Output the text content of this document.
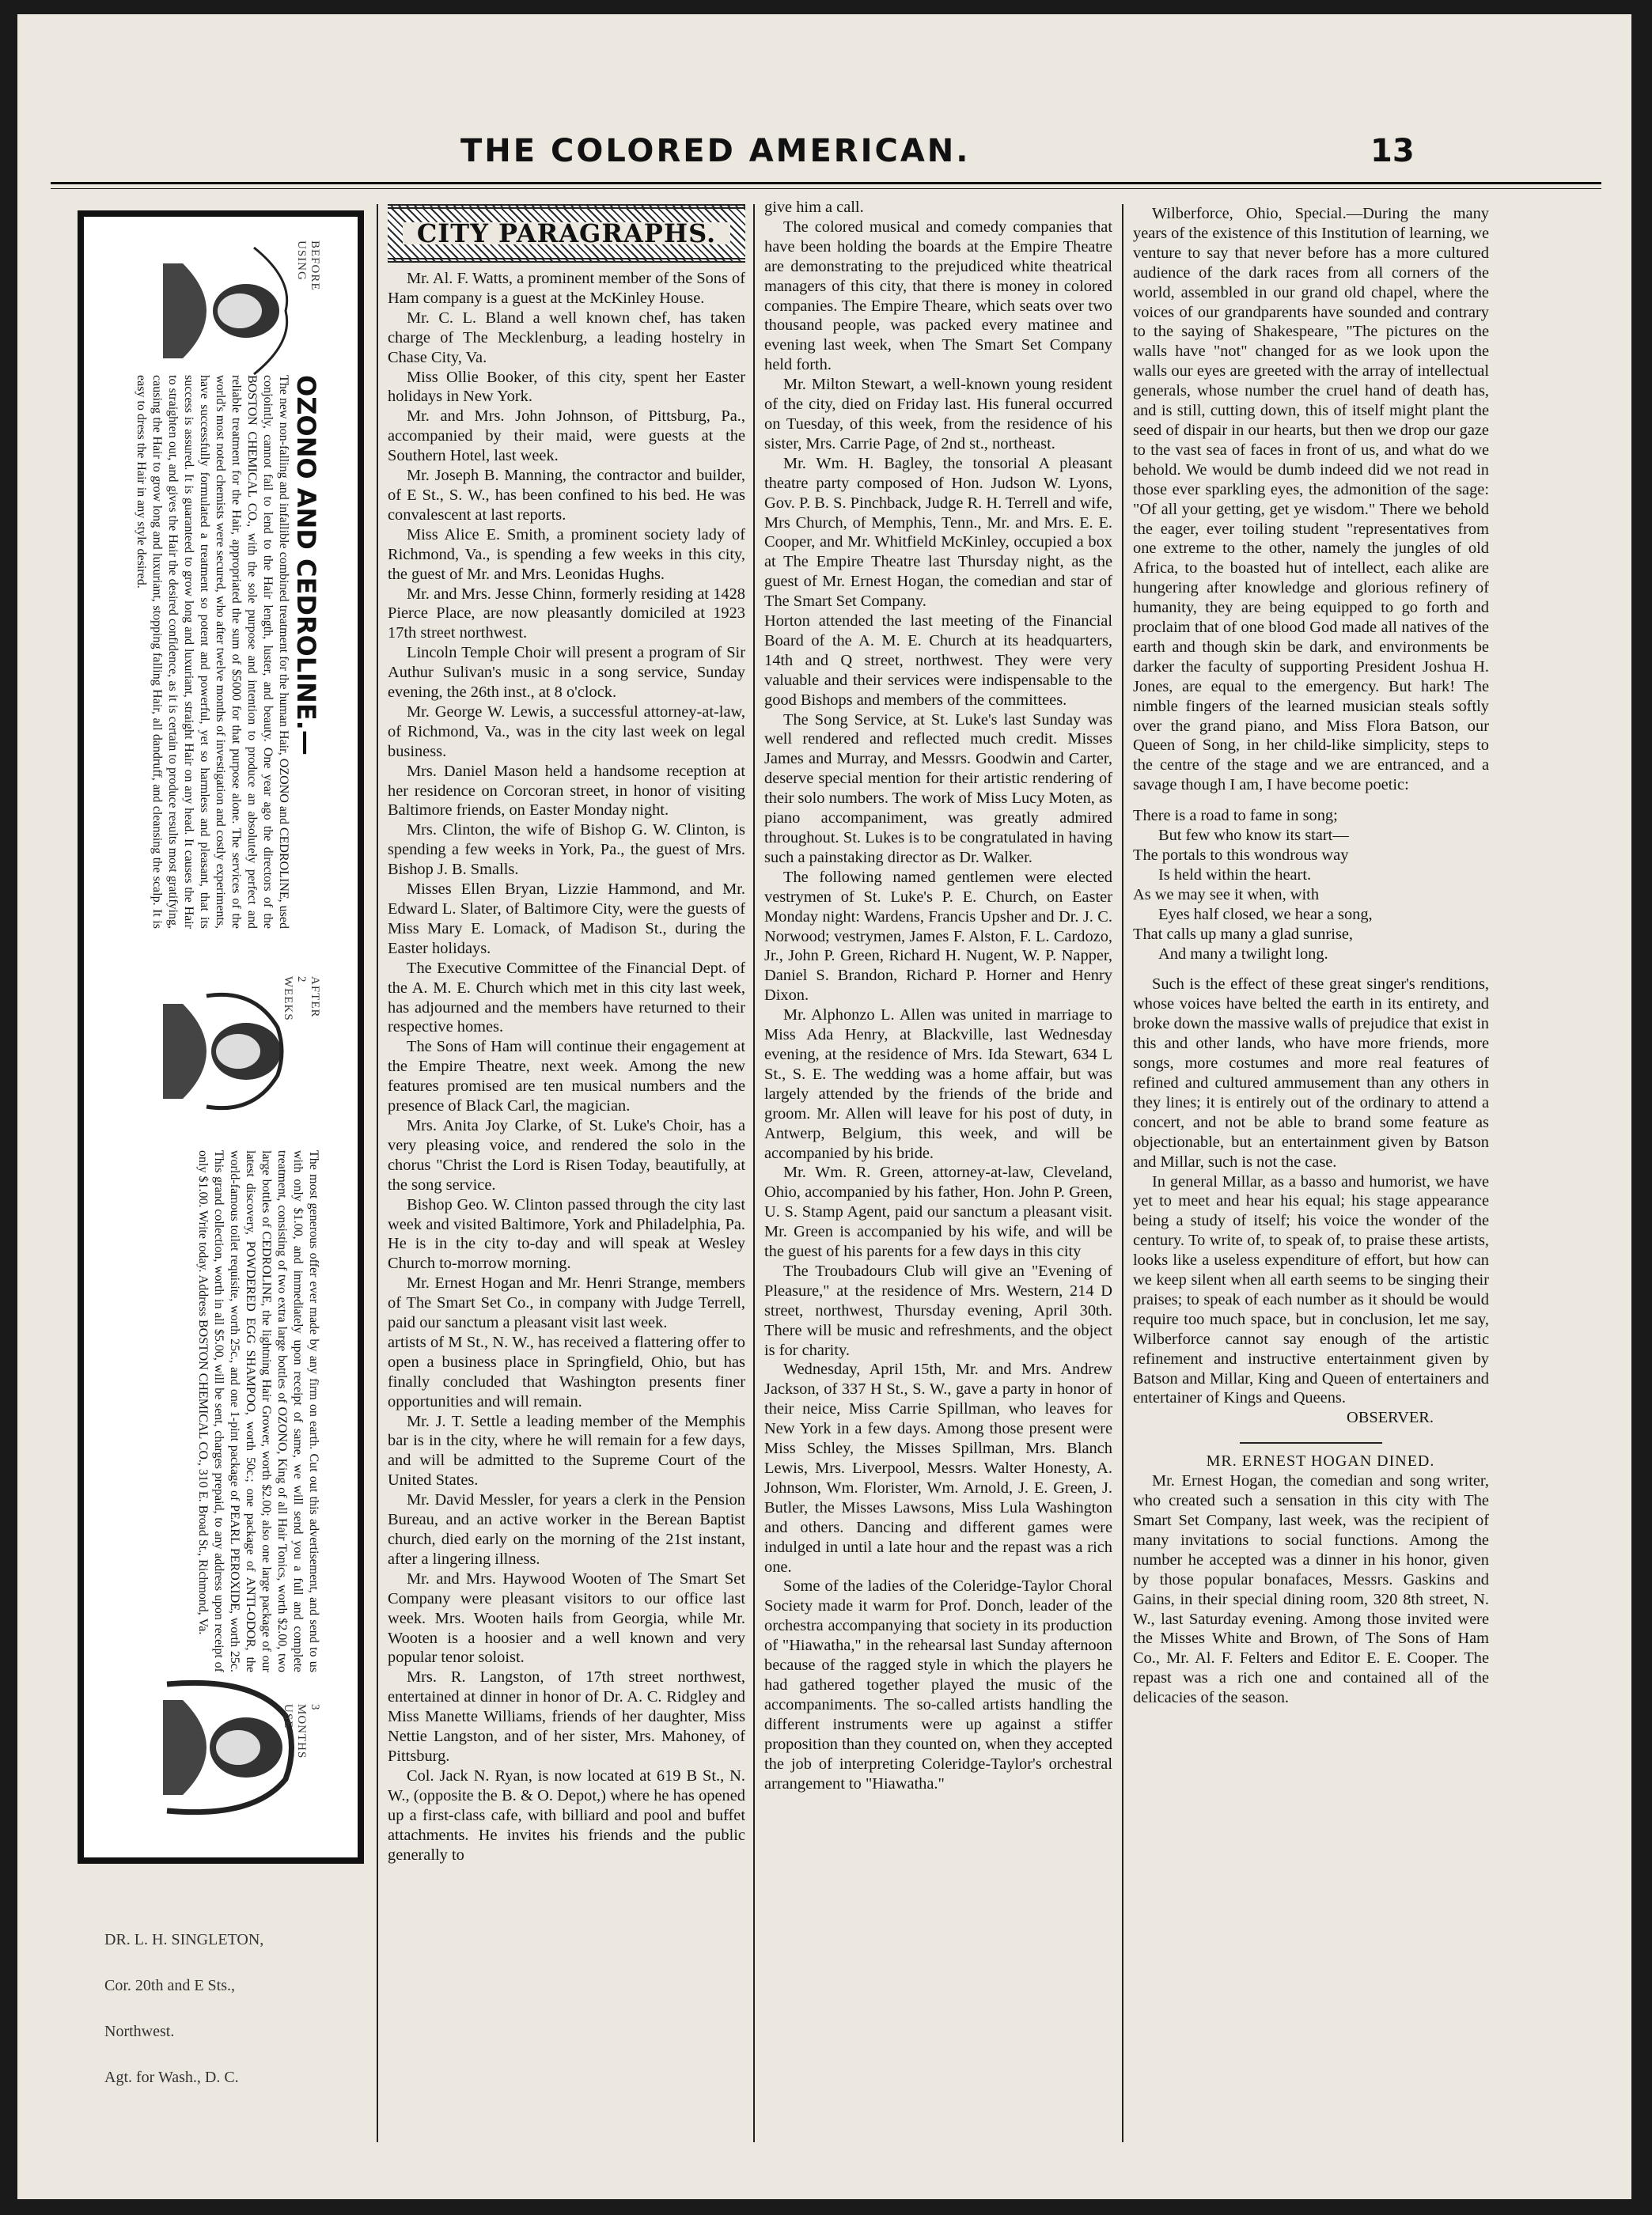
THE COLORED AMERICAN.	13
BEFORE USING
AFTER 2 WEEKS
3 MONTHS USE
OZONO AND CEDROLINE.—
The new non-falling and infallible combined treatment for the human Hair, OZONO and CEDROLINE, used conjointly, cannot fail to lend to the Hair length, luster, and beauty. One year ago the directors of the BOSTON CHEMICAL CO., with the sole purpose and intention to produce an absolutely perfect and reliable treatment for the Hair, appropriated the sum of $5000 for that purpose alone. The services of the world's most noted chemists were secured, who after twelve months of investigation and costly experiments, have successfully formulated a treatment so potent and powerful, yet so harmless and pleasant, that its success is assured. It is guaranteed to grow long and luxuriant, straight Hair on any head. It causes the Hair to straighten out, and gives the Hair the desired confidence, as it is certain to produce results most gratifying, causing the Hair to grow long and luxuriant, stopping falling Hair, all dandruff, and cleansing the scalp. It is easy to dress the Hair in any style desired.
The most generous offer ever made by any firm on earth. Cut out this advertisement, and send to us with only $1.00, and immediately upon receipt of same, we will send you a full and complete treatment, consisting of two extra large bottles of OZONO, King of all Hair Tonics, worth $2.00, two large bottles of CEDROLINE, the lightning Hair Grower, worth $2.00; also one large package of our latest discovery, POWDERED EGG SHAMPOO, worth 50c.; one package of ANTI-ODOR, the world-famous toilet requisite, worth 25c., and one 1-pint package of PEARL PEROXIDE, worth 25c. This grand collection, worth in all $5.00, will be sent, charges prepaid, to any address upon receipt of only $1.00. Write today. Address BOSTON CHEMICAL CO., 310 E. Broad St., Richmond, Va.
DR. L. H. SINGLETON,
Cor. 20th and E Sts.,
Northwest.
Agt. for Wash., D. C.
CITY PARAGRAPHS.

Mr. Al. F. Watts, a prominent member of the Sons of Ham company is a guest at the McKinley House.

Mr. C. L. Bland a well known chef, has taken charge of The Mecklenburg, a leading hostelry in Chase City, Va.

Miss Ollie Booker, of this city, spent her Easter holidays in New York.

Mr. and Mrs. John Johnson, of Pittsburg, Pa., accompanied by their maid, were guests at the Southern Hotel, last week.

Mr. Joseph B. Manning, the contractor and builder, of E St., S. W., has been confined to his bed. He was convalescent at last reports.

Miss Alice E. Smith, a prominent society lady of Richmond, Va., is spending a few weeks in this city, the guest of Mr. and Mrs. Leonidas Hughs.

Mr. and Mrs. Jesse Chinn, formerly residing at 1428 Pierce Place, are now pleasantly domiciled at 1923 17th street northwest.

Lincoln Temple Choir will present a program of Sir Authur Sulivan's music in a song service, Sunday evening, the 26th inst., at 8 o'clock.

Mr. George W. Lewis, a successful attorney-at-law, of Richmond, Va., was in the city last week on legal business.

Mrs. Daniel Mason held a handsome reception at her residence on Corcoran street, in honor of visiting Baltimore friends, on Easter Monday night.

Mrs. Clinton, the wife of Bishop G. W. Clinton, is spending a few weeks in York, Pa., the guest of Mrs. Bishop J. B. Smalls.

Misses Ellen Bryan, Lizzie Hammond, and Mr. Edward L. Slater, of Baltimore City, were the guests of Miss Mary E. Lomack, of Madison St., during the Easter holidays.

The Executive Committee of the Financial Dept. of the A. M. E. Church which met in this city last week, has adjourned and the members have returned to their respective homes.

The Sons of Ham will continue their engagement at the Empire Theatre, next week. Among the new features promised are ten musical numbers and the presence of Black Carl, the magician.

Mrs. Anita Joy Clarke, of St. Luke's Choir, has a very pleasing voice, and rendered the solo in the chorus "Christ the Lord is Risen Today, beautifully, at the song service.

Bishop Geo. W. Clinton passed through the city last week and visited Baltimore, York and Philadelphia, Pa. He is in the city to-day and will speak at Wesley Church to-morrow morning.

Mr. Ernest Hogan and Mr. Henri Strange, members of The Smart Set Co., in company with Judge Terrell, paid our sanctum a pleasant visit last week.

artists of M St., N. W., has received a flattering offer to open a business place in Springfield, Ohio, but has finally concluded that Washington presents finer opportunities and will remain.

Mr. J. T. Settle a leading member of the Memphis bar is in the city, where he will remain for a few days, and will be admitted to the Supreme Court of the United States.

Mr. David Messler, for years a clerk in the Pension Bureau, and an active worker in the Berean Baptist church, died early on the morning of the 21st instant, after a lingering illness.

Mr. and Mrs. Haywood Wooten of The Smart Set Company were pleasant visitors to our office last week. Mrs. Wooten hails from Georgia, while Mr. Wooten is a hoosier and a well known and very popular tenor soloist.

Mrs. R. Langston, of 17th street northwest, entertained at dinner in honor of Dr. A. C. Ridgley and Miss Manette Williams, friends of her daughter, Miss Nettie Langston, and of her sister, Mrs. Mahoney, of Pittsburg.

Col. Jack N. Ryan, is now located at 619 B St., N. W., (opposite the B. & O. Depot,) where he has opened up a first-class cafe, with billiard and pool and buffet attachments. He invites his friends and the public generally to

give him a call.

The colored musical and comedy companies that have been holding the boards at the Empire Theatre are demonstrating to the prejudiced white theatrical managers of this city, that there is money in colored companies. The Empire Theare, which seats over two thousand people, was packed every matinee and evening last week, when The Smart Set Company held forth.

Mr. Milton Stewart, a well-known young resident of the city, died on Friday last. His funeral occurred on Tuesday, of this week, from the residence of his sister, Mrs. Carrie Page, of 2nd st., northeast.

Mr. Wm. H. Bagley, the tonsorial A pleasant theatre party composed of Hon. Judson W. Lyons, Gov. P. B. S. Pinchback, Judge R. H. Terrell and wife, Mrs Church, of Memphis, Tenn., Mr. and Mrs. E. E. Cooper, and Mr. Whitfield McKinley, occupied a box at The Empire Theatre last Thursday night, as the guest of Mr. Ernest Hogan, the comedian and star of The Smart Set Company.

Horton attended the last meeting of the Financial Board of the A. M. E. Church at its headquarters, 14th and Q street, northwest. They were very valuable and their services were indispensable to the good Bishops and members of the committees.

The Song Service, at St. Luke's last Sunday was well rendered and reflected much credit. Misses James and Murray, and Messrs. Goodwin and Carter, deserve special mention for their artistic rendering of their solo numbers. The work of Miss Lucy Moten, as piano accompaniment, was greatly admired throughout. St. Lukes is to be congratulated in having such a painstaking director as Dr. Walker.

The following named gentlemen were elected vestrymen of St. Luke's P. E. Church, on Easter Monday night: Wardens, Francis Upsher and Dr. J. C. Norwood; vestrymen, James F. Alston, F. L. Cardozo, Jr., John P. Green, Richard H. Nugent, W. P. Napper, Daniel S. Brandon, Richard P. Horner and Henry Dixon.

Mr. Alphonzo L. Allen was united in marriage to Miss Ada Henry, at Blackville, last Wednesday evening, at the residence of Mrs. Ida Stewart, 634 L St., S. E. The wedding was a home affair, but was largely attended by the friends of the bride and groom. Mr. Allen will leave for his post of duty, in Antwerp, Belgium, this week, and will be accompanied by his bride.

Mr. Wm. R. Green, attorney-at-law, Cleveland, Ohio, accompanied by his father, Hon. John P. Green, U. S. Stamp Agent, paid our sanctum a pleasant visit. Mr. Green is accompanied by his wife, and will be the guest of his parents for a few days in this city

The Troubadours Club will give an "Evening of Pleasure," at the residence of Mrs. Western, 214 D street, northwest, Thursday evening, April 30th. There will be music and refreshments, and the object is for charity.

Wednesday, April 15th, Mr. and Mrs. Andrew Jackson, of 337 H St., S. W., gave a party in honor of their neice, Miss Carrie Spillman, who leaves for New York in a few days. Among those present were Miss Schley, the Misses Spillman, Mrs. Blanch Lewis, Mrs. Liverpool, Messrs. Walter Honesty, A. Johnson, Wm. Florister, Wm. Arnold, J. E. Green, J. Butler, the Misses Lawsons, Miss Lula Washington and others. Dancing and different games were indulged in until a late hour and the repast was a rich one.

Some of the ladies of the Coleridge-Taylor Choral Society made it warm for Prof. Donch, leader of the orchestra accompanying that society in its production of "Hiawatha," in the rehearsal last Sunday afternoon because of the ragged style in which the players he had gathered together played the music of the accompaniments. The so-called artists handling the different instruments were up against a stiffer proposition than they counted on, when they accepted the job of interpreting Coleridge-Taylor's orchestral arrangement to "Hiawatha."

Wilberforce, Ohio, Special.—During the many years of the existence of this Institution of learning, we venture to say that never before has a more cultured audience of the dark races from all corners of the world, assembled in our grand old chapel, where the voices of our grandparents have sounded and contrary to the saying of Shakespeare, "The pictures on the walls have "not" changed for as we look upon the walls our eyes are greeted with the array of intellectual generals, whose number the cruel hand of death has, and is still, cutting down, this of itself might plant the seed of dispair in our hearts, but then we drop our gaze to the vast sea of faces in front of us, and what do we behold. We would be dumb indeed did we not read in those ever sparkling eyes, the admonition of the sage: "Of all your getting, get ye wisdom." There we behold the eager, ever toiling student "representatives from one extreme to the other, namely the jungles of old Africa, to the boasted hut of intellect, each alike are hungering after knowledge and glorious refinery of humanity, they are being equipped to go forth and proclaim that of one blood God made all natives of the earth and though skin be dark, and environments be darker the faculty of supporting President Joshua H. Jones, are equal to the emergency. But hark! The nimble fingers of the learned musician steals softly over the grand piano, and Miss Flora Batson, our Queen of Song, in her child-like simplicity, steps to the centre of the stage and we are entranced, and a savage though I am, I have become poetic:

There is a road to fame in song;
But few who know its start—
The portals to this wondrous way
Is held within the heart.
As we may see it when, with
Eyes half closed, we hear a song,
That calls up many a glad sunrise,
And many a twilight long.

Such is the effect of these great singer's renditions, whose voices have belted the earth in its entirety, and broke down the massive walls of prejudice that exist in this and other lands, who have more friends, more songs, more costumes and more real features of refined and cultured ammusement than any others in they lines; it is entirely out of the ordinary to attend a concert, and not be able to brand some feature as objectionable, but an entertainment given by Batson and Millar, such is not the case.

In general Millar, as a basso and humorist, we have yet to meet and hear his equal; his stage appearance being a study of itself; his voice the wonder of the century. To write of, to speak of, to praise these artists, looks like a useless expenditure of effort, but how can we keep silent when all earth seems to be singing their praises; to speak of each number as it should be would require too much space, but in conclusion, let me say, Wilberforce cannot say enough of the artistic refinement and instructive entertainment given by Batson and Millar, King and Queen of entertainers and entertainer of Kings and Queens.

OBSERVER.

MR. ERNEST HOGAN DINED.

Mr. Ernest Hogan, the comedian and song writer, who created such a sensation in this city with The Smart Set Company, last week, was the recipient of many invitations to social functions. Among the number he accepted was a dinner in his honor, given by those popular bonafaces, Messrs. Gaskins and Gains, in their special dining room, 320 8th street, N. W., last Saturday evening. Among those invited were the Misses White and Brown, of The Sons of Ham Co., Mr. Al. F. Felters and Editor E. E. Cooper. The repast was a rich one and contained all of the delicacies of the season.
